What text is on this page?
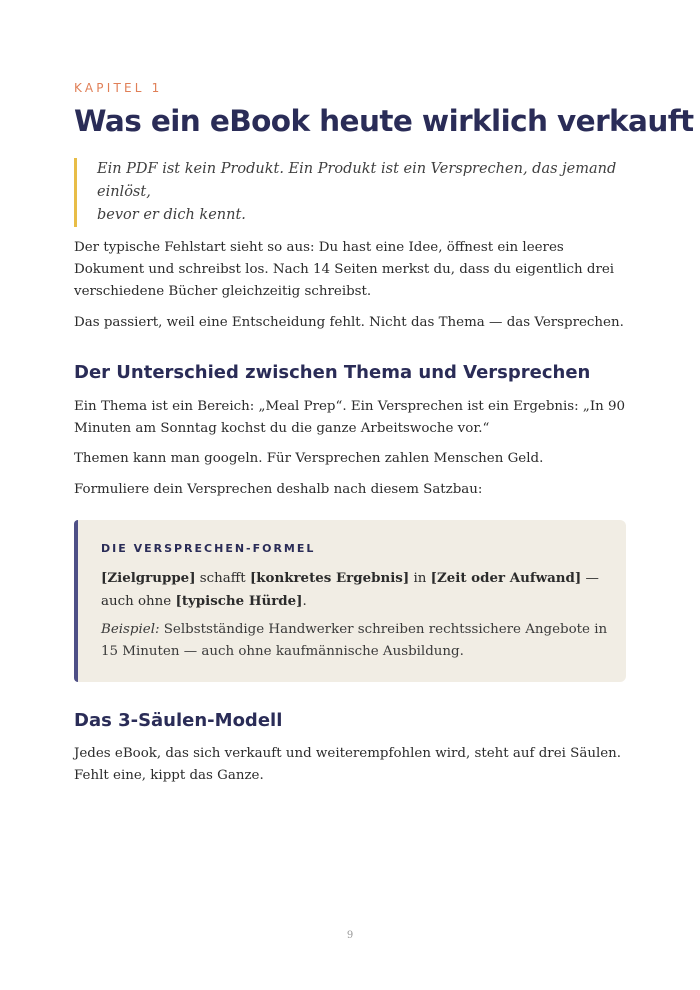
KAPITEL 1
Was ein eBook heute wirklich verkauft
Ein PDF ist kein Produkt. Ein Produkt ist ein Versprechen, das jemand einlöst,
bevor er dich kennt.

Der typische Fehlstart sieht so aus: Du hast eine Idee, öffnest ein leeres Dokument und schreibst los. Nach 14 Seiten merkst du, dass du eigentlich drei verschiedene Bücher gleichzeitig schreibst.

Das passiert, weil eine Entscheidung fehlt. Nicht das Thema — das Versprechen.

Der Unterschied zwischen Thema und Versprechen

Ein Thema ist ein Bereich: „Meal Prep“. Ein Versprechen ist ein Ergebnis: „In 90 Minuten am Sonntag kochst du die ganze Arbeitswoche vor.“

Themen kann man googeln. Für Versprechen zahlen Menschen Geld.

Formuliere dein Versprechen deshalb nach diesem Satzbau:

DIE VERSPRECHEN-FORMEL
[Zielgruppe] schafft [konkretes Ergebnis] in [Zeit oder Aufwand] — auch ohne [typische Hürde].
Beispiel: Selbstständige Handwerker schreiben rechtssichere Angebote in 15 Minuten — auch ohne kaufmännische Ausbildung.
Das 3-Säulen-Modell

Jedes eBook, das sich verkauft und weiterempfohlen wird, steht auf drei Säulen. Fehlt eine, kippt das Ganze.

9
